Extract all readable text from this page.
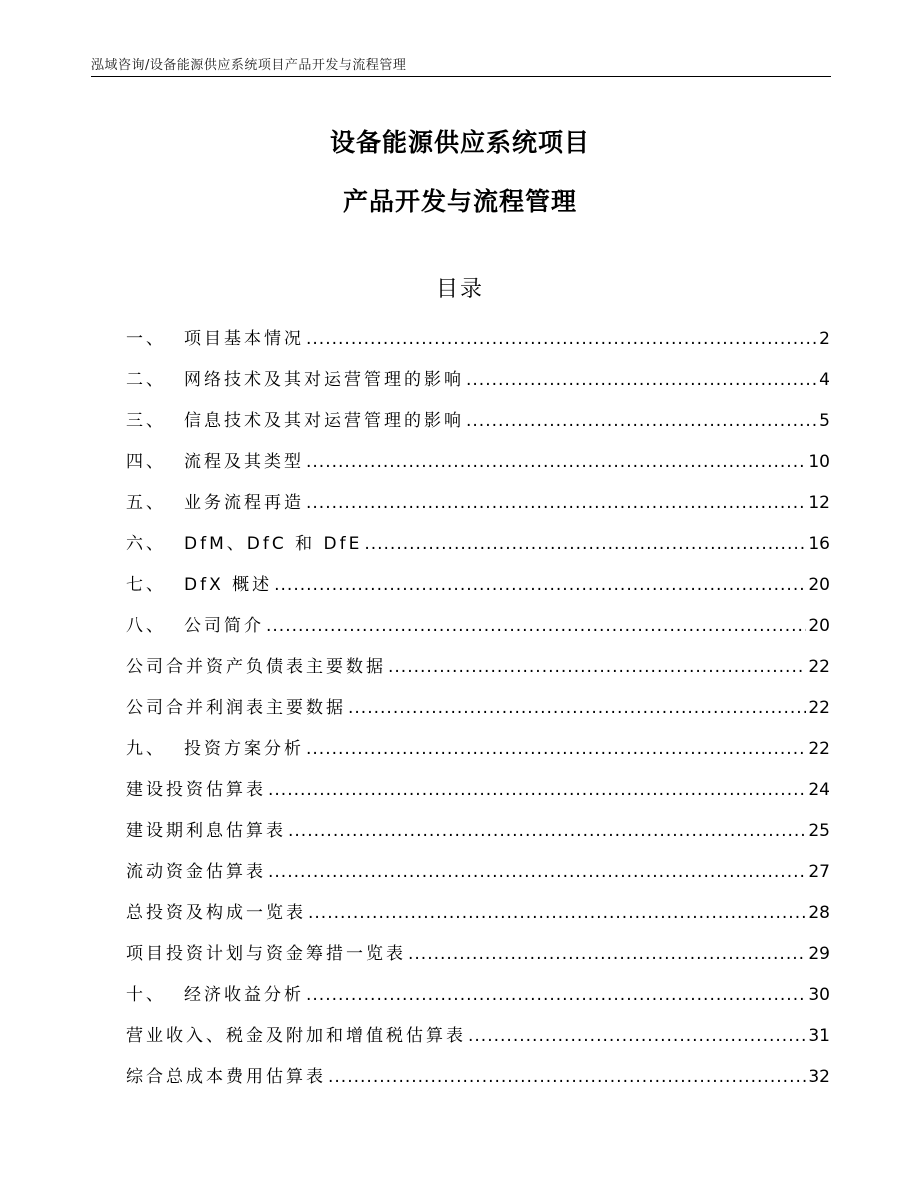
泓域咨询/设备能源供应系统项目产品开发与流程管理
设备能源供应系统项目
产品开发与流程管理
目录
一、	项目基本情况 .....	2
二、	网络技术及其对运营管理的影响 .....	4
三、	信息技术及其对运营管理的影响 .....	5
四、	流程及其类型 .....	10
五、	业务流程再造 .....	12
六、	DfM、DfC 和 DfE .....	16
七、	DfX 概述 .....	20
八、	公司简介 .....	20
公司合并资产负债表主要数据 .....	22
公司合并利润表主要数据 .....	22
九、	投资方案分析 .....	22
建设投资估算表 .....	24
建设期利息估算表 .....	25
流动资金估算表 .....	27
总投资及构成一览表 .....	28
项目投资计划与资金筹措一览表 .....	29
十、	经济收益分析 .....	30
营业收入、税金及附加和增值税估算表 .....	31
综合总成本费用估算表 .....	32
